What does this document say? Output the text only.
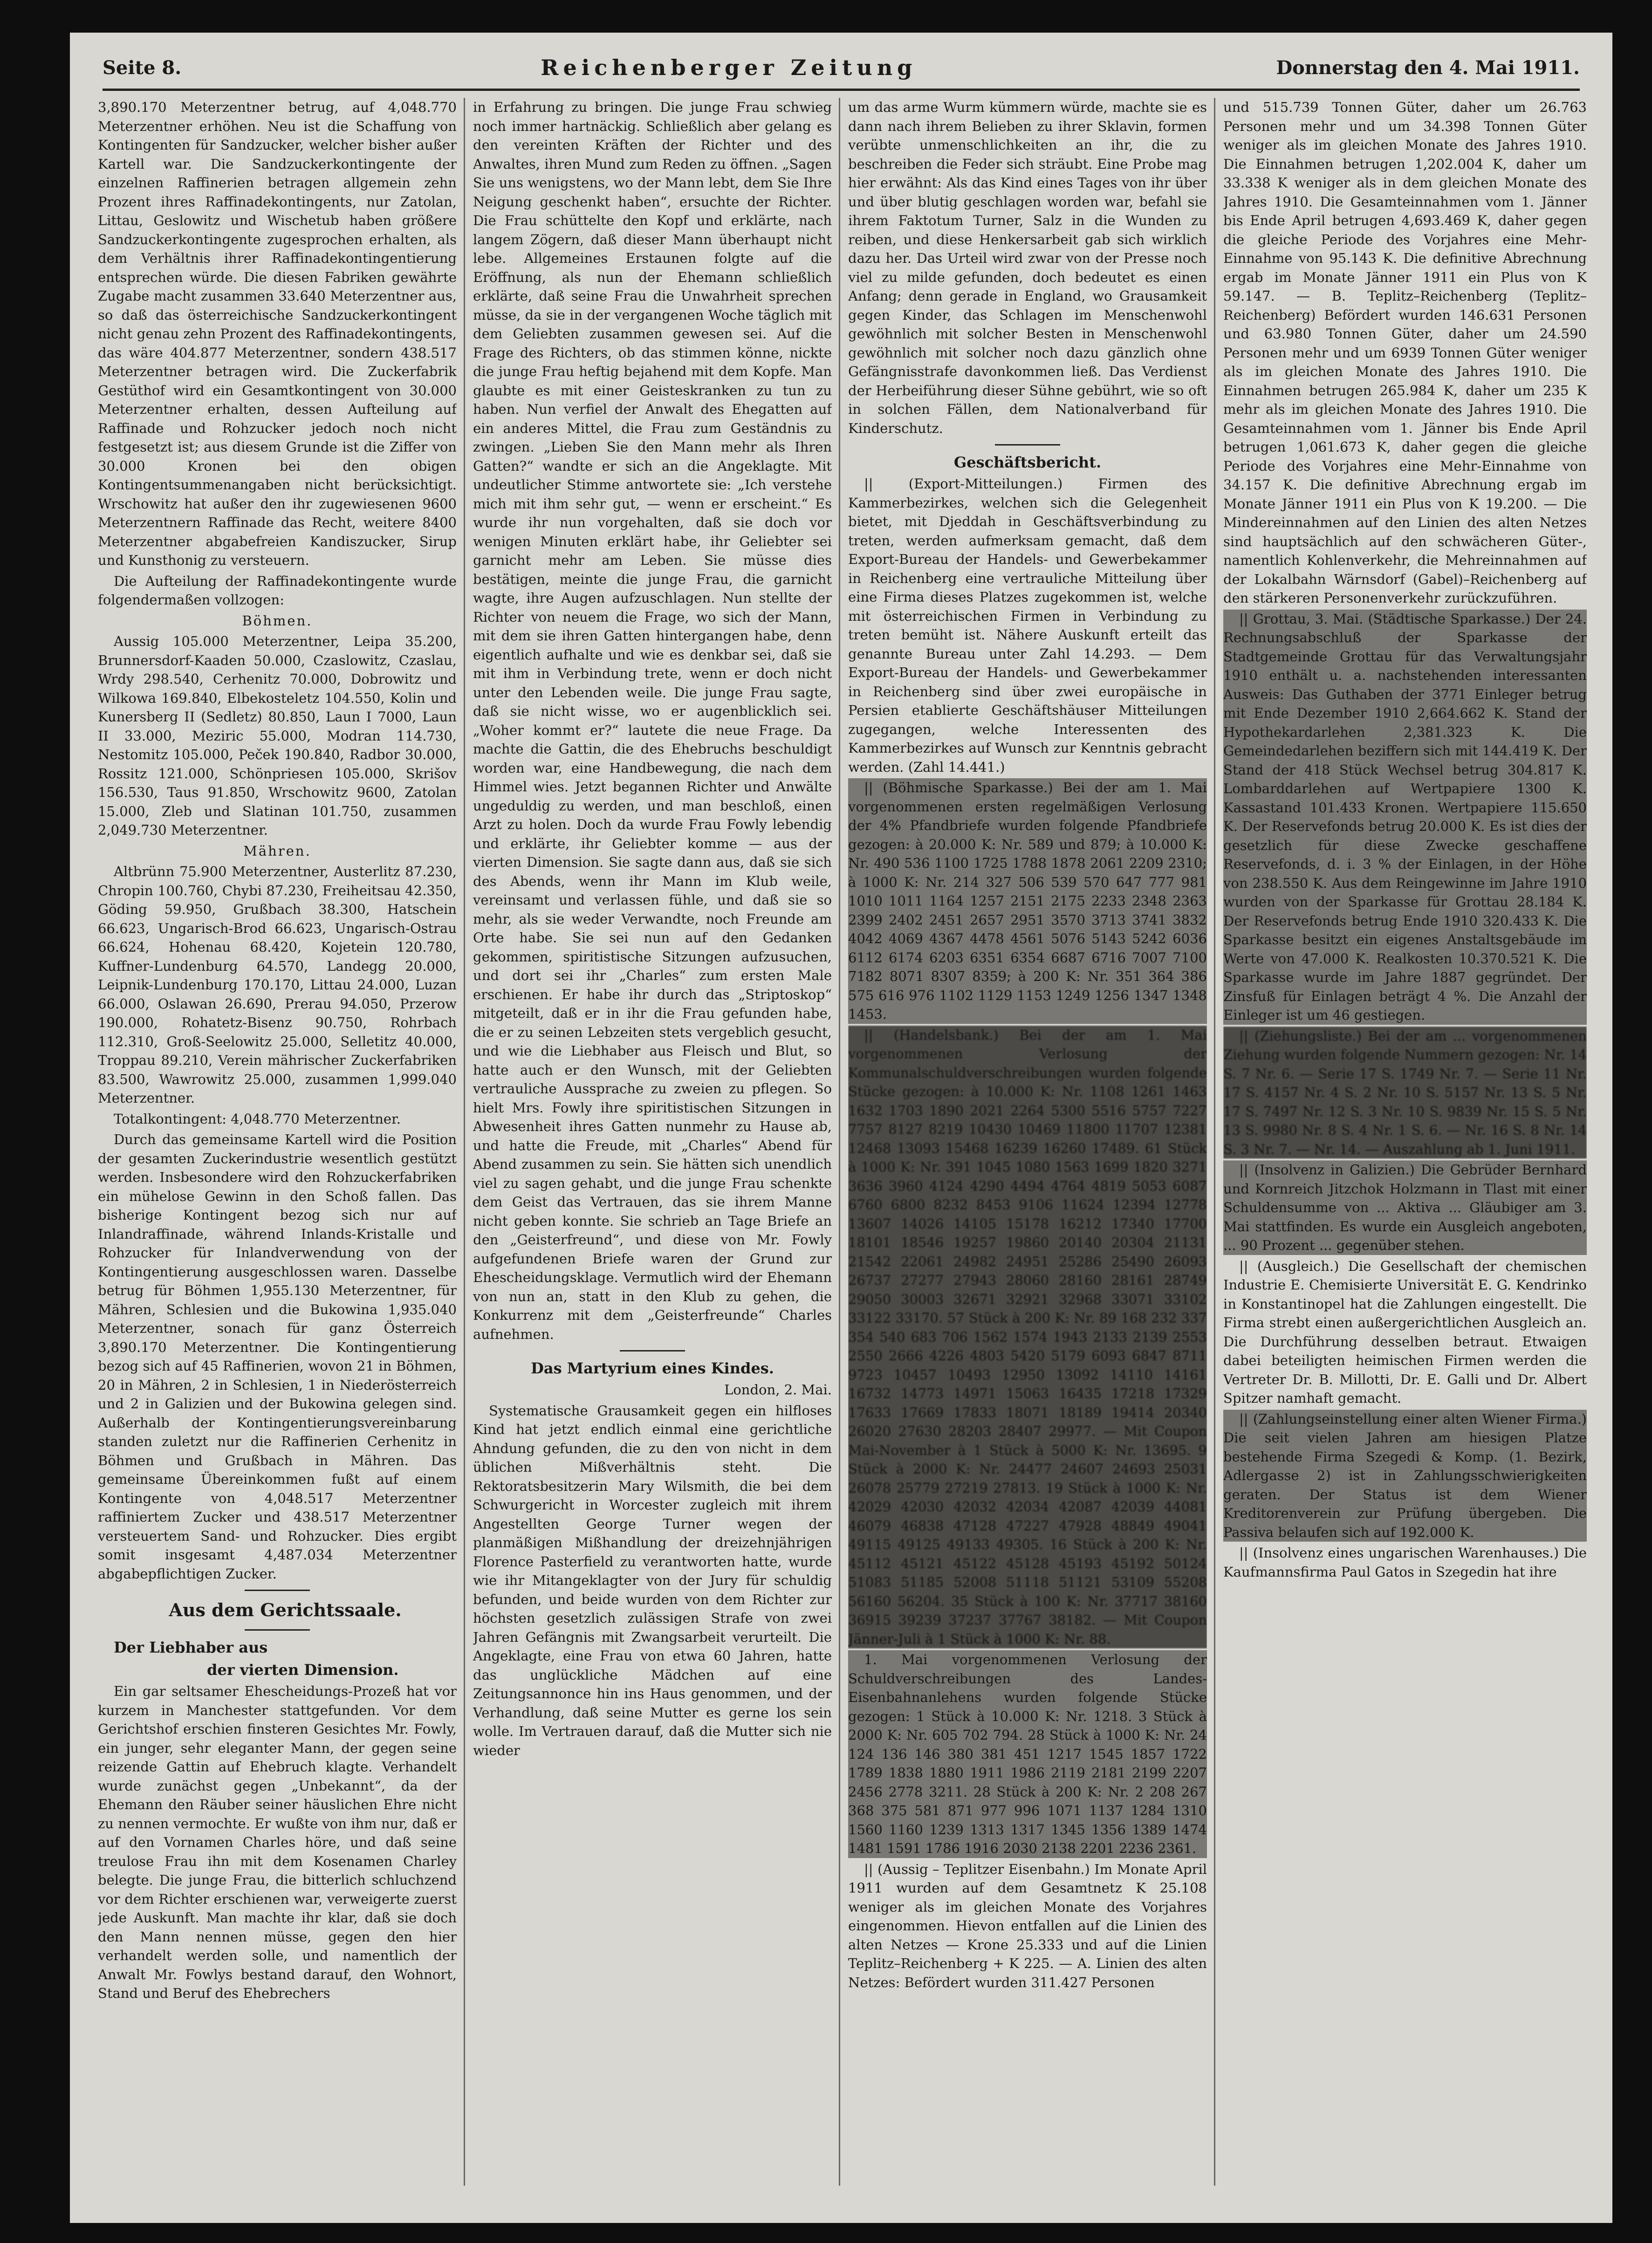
Seite 8.	Reichenberger Zeitung	Donnerstag den 4. Mai 1911.

3,890.170 Meterzentner betrug, auf 4,048.770 Meterzentner erhöhen. Neu ist die Schaffung von Kontingenten für Sandzucker, welcher bisher außer Kartell war. Die Sandzuckerkontingente der einzelnen Raffinerien betragen allgemein zehn Prozent ihres Raffinadekontingents, nur Zatolan, Littau, Geslowitz und Wischetub haben größere Sandzuckerkontingente zugesprochen erhalten, als dem Verhältnis ihrer Raffinadekontingentierung entsprechen würde. Die diesen Fabriken gewährte Zugabe macht zusammen 33.640 Meterzentner aus, so daß das österreichische Sandzuckerkontingent nicht genau zehn Prozent des Raffinadekontingents, das wäre 404.877 Meterzentner, sondern 438.517 Meterzentner betragen wird. Die Zuckerfabrik Gestüthof wird ein Gesamtkontingent von 30.000 Meterzentner erhalten, dessen Aufteilung auf Raffinade und Rohzucker jedoch noch nicht festgesetzt ist; aus diesem Grunde ist die Ziffer von 30.000 Kronen bei den obigen Kontingentsummenangaben nicht berücksichtigt. Wrschowitz hat außer den ihr zugewiesenen 9600 Meterzentnern Raffinade das Recht, weitere 8400 Meterzentner abgabefreien Kandiszucker, Sirup und Kunsthonig zu versteuern.

Die Aufteilung der Raffinadekontingente wurde folgendermaßen vollzogen:

Böhmen.

Aussig 105.000 Meterzentner, Leipa 35.200, Brunnersdorf-Kaaden 50.000, Czaslowitz, Czaslau, Wrdy 298.540, Cerhenitz 70.000, Dobrowitz und Wilkowa 169.840, Elbekosteletz 104.550, Kolin und Kunersberg II (Sedletz) 80.850, Laun I 7000, Laun II 33.000, Meziric 55.000, Modran 114.730, Nestomitz 105.000, Peček 190.840, Radbor 30.000, Rossitz 121.000, Schönpriesen 105.000, Skrišov 156.530, Taus 91.850, Wrschowitz 9600, Zatolan 15.000, Zleb und Slatinan 101.750, zusammen 2,049.730 Meterzentner.

Mähren.

Altbrünn 75.900 Meterzentner, Austerlitz 87.230, Chropin 100.760, Chybi 87.230, Freiheitsau 42.350, Göding 59.950, Grußbach 38.300, Hatschein 66.623, Ungarisch-Brod 66.623, Ungarisch-Ostrau 66.624, Hohenau 68.420, Kojetein 120.780, Kuffner-Lundenburg 64.570, Landegg 20.000, Leipnik-Lundenburg 170.170, Littau 24.000, Luzan 66.000, Oslawan 26.690, Prerau 94.050, Przerow 190.000, Rohatetz-Bisenz 90.750, Rohrbach 112.310, Groß-Seelowitz 25.000, Selletitz 40.000, Troppau 89.210, Verein mährischer Zuckerfabriken 83.500, Wawrowitz 25.000, zusammen 1,999.040 Meterzentner.

Totalkontingent: 4,048.770 Meterzentner.

Durch das gemeinsame Kartell wird die Position der gesamten Zuckerindustrie wesentlich gestützt werden. Insbesondere wird den Rohzuckerfabriken ein mühelose Gewinn in den Schoß fallen. Das bisherige Kontingent bezog sich nur auf Inlandraffinade, während Inlands-Kristalle und Rohzucker für Inlandverwendung von der Kontingentierung ausgeschlossen waren. Dasselbe betrug für Böhmen 1,955.130 Meterzentner, für Mähren, Schlesien und die Bukowina 1,935.040 Meterzentner, sonach für ganz Österreich 3,890.170 Meterzentner. Die Kontingentierung bezog sich auf 45 Raffinerien, wovon 21 in Böhmen, 20 in Mähren, 2 in Schlesien, 1 in Niederösterreich und 2 in Galizien und der Bukowina gelegen sind. Außerhalb der Kontingentierungsvereinbarung standen zuletzt nur die Raffinerien Cerhenitz in Böhmen und Grußbach in Mähren. Das gemeinsame Übereinkommen fußt auf einem Kontingente von 4,048.517 Meterzentner raffiniertem Zucker und 438.517 Meterzentner versteuertem Sand- und Rohzucker. Dies ergibt somit insgesamt 4,487.034 Meterzentner abgabepflichtigen Zucker.

Aus dem Gerichtssaale.

Der Liebhaber aus

der vierten Dimension.

Ein gar seltsamer Ehescheidungs-Prozeß hat vor kurzem in Manchester stattgefunden. Vor dem Gerichtshof erschien finsteren Gesichtes Mr. Fowly, ein junger, sehr eleganter Mann, der gegen seine reizende Gattin auf Ehebruch klagte. Verhandelt wurde zunächst gegen „Unbekannt“, da der Ehemann den Räuber seiner häuslichen Ehre nicht zu nennen vermochte. Er wußte von ihm nur, daß er auf den Vornamen Charles höre, und daß seine treulose Frau ihn mit dem Kosenamen Charley belegte. Die junge Frau, die bitterlich schluchzend vor dem Richter erschienen war, verweigerte zuerst jede Auskunft. Man machte ihr klar, daß sie doch den Mann nennen müsse, gegen den hier verhandelt werden solle, und namentlich der Anwalt Mr. Fowlys bestand darauf, den Wohnort, Stand und Beruf des Ehebrechers

in Erfahrung zu bringen. Die junge Frau schwieg noch immer hartnäckig. Schließlich aber gelang es den vereinten Kräften der Richter und des Anwaltes, ihren Mund zum Reden zu öffnen. „Sagen Sie uns wenigstens, wo der Mann lebt, dem Sie Ihre Neigung geschenkt haben“, ersuchte der Richter. Die Frau schüttelte den Kopf und erklärte, nach langem Zögern, daß dieser Mann überhaupt nicht lebe. Allgemeines Erstaunen folgte auf die Eröffnung, als nun der Ehemann schließlich erklärte, daß seine Frau die Unwahrheit sprechen müsse, da sie in der vergangenen Woche täglich mit dem Geliebten zusammen gewesen sei. Auf die Frage des Richters, ob das stimmen könne, nickte die junge Frau heftig bejahend mit dem Kopfe. Man glaubte es mit einer Geisteskranken zu tun zu haben. Nun verfiel der Anwalt des Ehegatten auf ein anderes Mittel, die Frau zum Geständnis zu zwingen. „Lieben Sie den Mann mehr als Ihren Gatten?“ wandte er sich an die Angeklagte. Mit undeutlicher Stimme antwortete sie: „Ich verstehe mich mit ihm sehr gut, — wenn er erscheint.“ Es wurde ihr nun vorgehalten, daß sie doch vor wenigen Minuten erklärt habe, ihr Geliebter sei garnicht mehr am Leben. Sie müsse dies bestätigen, meinte die junge Frau, die garnicht wagte, ihre Augen aufzuschlagen. Nun stellte der Richter von neuem die Frage, wo sich der Mann, mit dem sie ihren Gatten hintergangen habe, denn eigentlich aufhalte und wie es denkbar sei, daß sie mit ihm in Verbindung trete, wenn er doch nicht unter den Lebenden weile. Die junge Frau sagte, daß sie nicht wisse, wo er augenblicklich sei. „Woher kommt er?“ lautete die neue Frage. Da machte die Gattin, die des Ehebruchs beschuldigt worden war, eine Handbewegung, die nach dem Himmel wies. Jetzt begannen Richter und Anwälte ungeduldig zu werden, und man beschloß, einen Arzt zu holen. Doch da wurde Frau Fowly lebendig und erklärte, ihr Geliebter komme — aus der vierten Dimension. Sie sagte dann aus, daß sie sich des Abends, wenn ihr Mann im Klub weile, vereinsamt und verlassen fühle, und daß sie so mehr, als sie weder Verwandte, noch Freunde am Orte habe. Sie sei nun auf den Gedanken gekommen, spiritistische Sitzungen aufzusuchen, und dort sei ihr „Charles“ zum ersten Male erschienen. Er habe ihr durch das „Striptoskop“ mitgeteilt, daß er in ihr die Frau gefunden habe, die er zu seinen Lebzeiten stets vergeblich gesucht, und wie die Liebhaber aus Fleisch und Blut, so hatte auch er den Wunsch, mit der Geliebten vertrauliche Aussprache zu zweien zu pflegen. So hielt Mrs. Fowly ihre spiritistischen Sitzungen in Abwesenheit ihres Gatten nunmehr zu Hause ab, und hatte die Freude, mit „Charles“ Abend für Abend zusammen zu sein. Sie hätten sich unendlich viel zu sagen gehabt, und die junge Frau schenkte dem Geist das Vertrauen, das sie ihrem Manne nicht geben konnte. Sie schrieb an Tage Briefe an den „Geisterfreund“, und diese von Mr. Fowly aufgefundenen Briefe waren der Grund zur Ehescheidungsklage. Vermutlich wird der Ehemann von nun an, statt in den Klub zu gehen, die Konkurrenz mit dem „Geisterfreunde“ Charles aufnehmen.

Das Martyrium eines Kindes.

London, 2. Mai.

Systematische Grausamkeit gegen ein hilfloses Kind hat jetzt endlich einmal eine gerichtliche Ahndung gefunden, die zu den von nicht in dem üblichen Mißverhältnis steht. Die Rektoratsbesitzerin Mary Wilsmith, die bei dem Schwurgericht in Worcester zugleich mit ihrem Angestellten George Turner wegen der planmäßigen Mißhandlung der dreizehnjährigen Florence Pasterfield zu verantworten hatte, wurde wie ihr Mitangeklagter von der Jury für schuldig befunden, und beide wurden von dem Richter zur höchsten gesetzlich zulässigen Strafe von zwei Jahren Gefängnis mit Zwangsarbeit verurteilt. Die Angeklagte, eine Frau von etwa 60 Jahren, hatte das unglückliche Mädchen auf eine Zeitungsannonce hin ins Haus genommen, und der Verhandlung, daß seine Mutter es gerne los sein wolle. Im Vertrauen darauf, daß die Mutter sich nie wieder

um das arme Wurm kümmern würde, machte sie es dann nach ihrem Belieben zu ihrer Sklavin, formen verübte unmenschlichkeiten an ihr, die zu beschreiben die Feder sich sträubt. Eine Probe mag hier erwähnt: Als das Kind eines Tages von ihr über und über blutig geschlagen worden war, befahl sie ihrem Faktotum Turner, Salz in die Wunden zu reiben, und diese Henkersarbeit gab sich wirklich dazu her. Das Urteil wird zwar von der Presse noch viel zu milde gefunden, doch bedeutet es einen Anfang; denn gerade in England, wo Grausamkeit gegen Kinder, das Schlagen im Menschenwohl gewöhnlich mit solcher Besten in Menschenwohl gewöhnlich mit solcher noch dazu gänzlich ohne Gefängnisstrafe davonkommen ließ. Das Verdienst der Herbeiführung dieser Sühne gebührt, wie so oft in solchen Fällen, dem Nationalverband für Kinderschutz.

Geschäftsbericht.

|| (Export-Mitteilungen.) Firmen des Kammerbezirkes, welchen sich die Gelegenheit bietet, mit Djeddah in Geschäftsverbindung zu treten, werden aufmerksam gemacht, daß dem Export-Bureau der Handels- und Gewerbekammer in Reichenberg eine vertrauliche Mitteilung über eine Firma dieses Platzes zugekommen ist, welche mit österreichischen Firmen in Verbindung zu treten bemüht ist. Nähere Auskunft erteilt das genannte Bureau unter Zahl 14.293. — Dem Export-Bureau der Handels- und Gewerbekammer in Reichenberg sind über zwei europäische in Persien etablierte Geschäftshäuser Mitteilungen zugegangen, welche Interessenten des Kammerbezirkes auf Wunsch zur Kenntnis gebracht werden. (Zahl 14.441.)

|| (Böhmische Sparkasse.) Bei der am 1. Mai vorgenommenen ersten regelmäßigen Verlosung der 4% Pfandbriefe wurden folgende Pfandbriefe gezogen: à 20.000 K: Nr. 589 und 879; à 10.000 K: Nr. 490 536 1100 1725 1788 1878 2061 2209 2310; à 1000 K: Nr. 214 327 506 539 570 647 777 981 1010 1011 1164 1257 2151 2175 2233 2348 2363 2399 2402 2451 2657 2951 3570 3713 3741 3832 4042 4069 4367 4478 4561 5076 5143 5242 6036 6112 6174 6203 6351 6354 6687 6716 7007 7100 7182 8071 8307 8359; à 200 K: Nr. 351 364 386 575 616 976 1102 1129 1153 1249 1256 1347 1348 1453.

|| (Handelsbank.) Bei der am 1. Mai vorgenommenen Verlosung der Kommunalschuldverschreibungen wurden folgende Stücke gezogen: à 10.000 K: Nr. 1108 1261 1463 1632 1703 1890 2021 2264 5300 5516 5757 7227 7757 8127 8219 10430 10469 11800 11707 12381 12468 13093 15468 16239 16260 17489. 61 Stück à 1000 K: Nr. 391 1045 1080 1563 1699 1820 3271 3636 3960 4124 4290 4494 4764 4819 5053 6087 6760 6800 8232 8453 9106 11624 12394 12778 13607 14026 14105 15178 16212 17340 17700 18101 18546 19257 19860 20140 20304 21131 21542 22061 24982 24951 25286 25490 26093 26737 27277 27943 28060 28160 28161 28749 29050 30003 32671 32921 32968 33071 33102 33122 33170. 57 Stück à 200 K: Nr. 89 168 232 337 354 540 683 706 1562 1574 1943 2133 2139 2553 2550 2666 4226 4803 5420 5179 6093 6847 8711 9723 10457 10493 12950 13092 14110 14161 16732 14773 14971 15063 16435 17218 17329 17633 17669 17833 18071 18189 19414 20340 26020 27630 28203 28407 29977. — Mit Coupon Mai-November à 1 Stück à 5000 K: Nr. 13695. 9 Stück à 2000 K: Nr. 24477 24607 24693 25031 26078 25779 27219 27813. 19 Stück à 1000 K: Nr. 42029 42030 42032 42034 42087 42039 44081 46079 46838 47128 47227 47928 48849 49041 49115 49125 49133 49305. 16 Stück à 200 K: Nr. 45112 45121 45122 45128 45193 45192 50124 51083 51185 52008 51118 51121 53109 55208 56160 56204. 35 Stück à 100 K: Nr. 37717 38160 36915 39239 37237 37767 38182. — Mit Coupon Jänner-Juli à 1 Stück à 1000 K: Nr. 88.

1. Mai vorgenommenen Verlosung der Schuldverschreibungen des Landes-Eisenbahnanlehens wurden folgende Stücke gezogen: 1 Stück à 10.000 K: Nr. 1218. 3 Stück à 2000 K: Nr. 605 702 794. 28 Stück à 1000 K: Nr. 24 124 136 146 380 381 451 1217 1545 1857 1722 1789 1838 1880 1911 1986 2119 2181 2199 2207 2456 2778 3211. 28 Stück à 200 K: Nr. 2 208 267 368 375 581 871 977 996 1071 1137 1284 1310 1560 1160 1239 1313 1317 1345 1356 1389 1474 1481 1591 1786 1916 2030 2138 2201 2236 2361.

|| (Aussig – Teplitzer Eisenbahn.) Im Monate April 1911 wurden auf dem Gesamtnetz K 25.108 weniger als im gleichen Monate des Vorjahres eingenommen. Hievon entfallen auf die Linien des alten Netzes — Krone 25.333 und auf die Linien Teplitz–Reichenberg + K 225. — A. Linien des alten Netzes: Befördert wurden 311.427 Personen

und 515.739 Tonnen Güter, daher um 26.763 Personen mehr und um 34.398 Tonnen Güter weniger als im gleichen Monate des Jahres 1910. Die Einnahmen betrugen 1,202.004 K, daher um 33.338 K weniger als in dem gleichen Monate des Jahres 1910. Die Gesamteinnahmen vom 1. Jänner bis Ende April betrugen 4,693.469 K, daher gegen die gleiche Periode des Vorjahres eine Mehr-Einnahme von 95.143 K. Die definitive Abrechnung ergab im Monate Jänner 1911 ein Plus von K 59.147. — B. Teplitz–Reichenberg (Teplitz–Reichenberg) Befördert wurden 146.631 Personen und 63.980 Tonnen Güter, daher um 24.590 Personen mehr und um 6939 Tonnen Güter weniger als im gleichen Monate des Jahres 1910. Die Einnahmen betrugen 265.984 K, daher um 235 K mehr als im gleichen Monate des Jahres 1910. Die Gesamteinnahmen vom 1. Jänner bis Ende April betrugen 1,061.673 K, daher gegen die gleiche Periode des Vorjahres eine Mehr-Einnahme von 34.157 K. Die definitive Abrechnung ergab im Monate Jänner 1911 ein Plus von K 19.200. — Die Mindereinnahmen auf den Linien des alten Netzes sind hauptsächlich auf den schwächeren Güter-, namentlich Kohlenverkehr, die Mehreinnahmen auf der Lokalbahn Wärnsdorf (Gabel)–Reichenberg auf den stärkeren Personenverkehr zurückzuführen.

|| Grottau, 3. Mai. (Städtische Sparkasse.) Der 24. Rechnungsabschluß der Sparkasse der Stadtgemeinde Grottau für das Verwaltungsjahr 1910 enthält u. a. nachstehenden interessanten Ausweis: Das Guthaben der 3771 Einleger betrug mit Ende Dezember 1910 2,664.662 K. Stand der Hypothekardarlehen 2,381.323 K. Die Gemeindedarlehen beziffern sich mit 144.419 K. Der Stand der 418 Stück Wechsel betrug 304.817 K. Lombarddarlehen auf Wertpapiere 1300 K. Kassastand 101.433 Kronen. Wertpapiere 115.650 K. Der Reservefonds betrug 20.000 K. Es ist dies der gesetzlich für diese Zwecke geschaffene Reservefonds, d. i. 3 % der Einlagen, in der Höhe von 238.550 K. Aus dem Reingewinne im Jahre 1910 wurden von der Sparkasse für Grottau 28.184 K. Der Reservefonds betrug Ende 1910 320.433 K. Die Sparkasse besitzt ein eigenes Anstaltsgebäude im Werte von 47.000 K. Realkosten 10.370.521 K. Die Sparkasse wurde im Jahre 1887 gegründet. Der Zinsfuß für Einlagen beträgt 4 %. Die Anzahl der Einleger ist um 46 gestiegen.

|| (Ziehungsliste.) Bei der am ... vorgenommenen Ziehung wurden folgende Nummern gezogen: Nr. 14 S. 7 Nr. 6. — Serie 17 S. 1749 Nr. 7. — Serie 11 Nr. 17 S. 4157 Nr. 4 S. 2 Nr. 10 S. 5157 Nr. 13 S. 5 Nr. 17 S. 7497 Nr. 12 S. 3 Nr. 10 S. 9839 Nr. 15 S. 5 Nr. 13 S. 9980 Nr. 8 S. 4 Nr. 1 S. 6. — Nr. 16 S. 8 Nr. 14 S. 3 Nr. 7. — Nr. 14. — Auszahlung ab 1. Juni 1911.

|| (Insolvenz in Galizien.) Die Gebrüder Bernhard und Kornreich Jitzchok Holzmann in Tlast mit einer Schuldensumme von ... Aktiva ... Gläubiger am 3. Mai stattfinden. Es wurde ein Ausgleich angeboten, ... 90 Prozent ... gegenüber stehen.

|| (Ausgleich.) Die Gesellschaft der chemischen Industrie E. Chemisierte Universität E. G. Kendrinko in Konstantinopel hat die Zahlungen eingestellt. Die Firma strebt einen außergerichtlichen Ausgleich an. Die Durchführung desselben betraut. Etwaigen dabei beteiligten heimischen Firmen werden die Vertreter Dr. B. Millotti, Dr. E. Galli und Dr. Albert Spitzer namhaft gemacht.

|| (Zahlungseinstellung einer alten Wiener Firma.) Die seit vielen Jahren am hiesigen Platze bestehende Firma Szegedi & Komp. (1. Bezirk, Adlergasse 2) ist in Zahlungsschwierigkeiten geraten. Der Status ist dem Wiener Kreditorenverein zur Prüfung übergeben. Die Passiva belaufen sich auf 192.000 K.

|| (Insolvenz eines ungarischen Warenhauses.) Die Kaufmannsfirma Paul Gatos in Szegedin hat ihre
